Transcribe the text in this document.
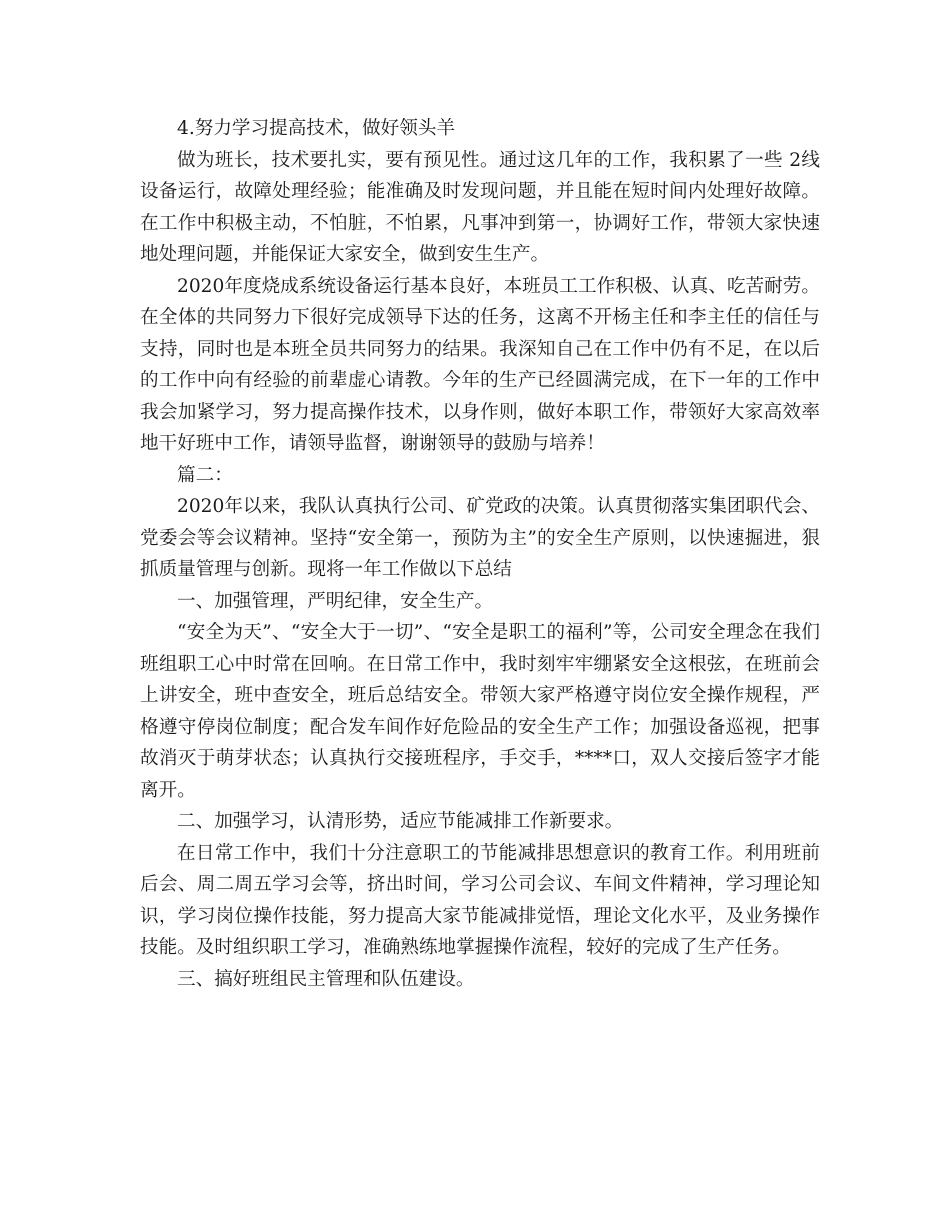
4.努力学习提高技术，做好领头羊

做为班长，技术要扎实，要有预见性。通过这几年的工作，我积累了一些 2线设备运行，故障处理经验；能准确及时发现问题，并且能在短时间内处理好故障。在工作中积极主动，不怕脏，不怕累，凡事冲到第一，协调好工作，带领大家快速地处理问题，并能保证大家安全，做到安生生产。

2020年度烧成系统设备运行基本良好，本班员工工作积极、认真、吃苦耐劳。在全体的共同努力下很好完成领导下达的任务，这离不开杨主任和李主任的信任与支持，同时也是本班全员共同努力的结果。我深知自己在工作中仍有不足，在以后的工作中向有经验的前辈虚心请教。今年的生产已经圆满完成，在下一年的工作中我会加紧学习，努力提高操作技术，以身作则，做好本职工作，带领好大家高效率地干好班中工作，请领导监督，谢谢领导的鼓励与培养！

篇二：

2020年以来，我队认真执行公司、矿党政的决策。认真贯彻落实集团职代会、党委会等会议精神。坚持“安全第一，预防为主”的安全生产原则，以快速掘进，狠抓质量管理与创新。现将一年工作做以下总结

一、加强管理，严明纪律，安全生产。

“安全为天”、“安全大于一切”、“安全是职工的福利”等，公司安全理念在我们班组职工心中时常在回响。在日常工作中，我时刻牢牢绷紧安全这根弦，在班前会上讲安全，班中查安全，班后总结安全。带领大家严格遵守岗位安全操作规程，严格遵守停岗位制度；配合发车间作好危险品的安全生产工作；加强设备巡视，把事故消灭于萌芽状态；认真执行交接班程序，手交手，****口，双人交接后签字才能离开。

二、加强学习，认清形势，适应节能减排工作新要求。

在日常工作中，我们十分注意职工的节能减排思想意识的教育工作。利用班前后会、周二周五学习会等，挤出时间，学习公司会议、车间文件精神，学习理论知识，学习岗位操作技能，努力提高大家节能减排觉悟，理论文化水平，及业务操作技能。及时组织职工学习，准确熟练地掌握操作流程，较好的完成了生产任务。

三、搞好班组民主管理和队伍建设。
